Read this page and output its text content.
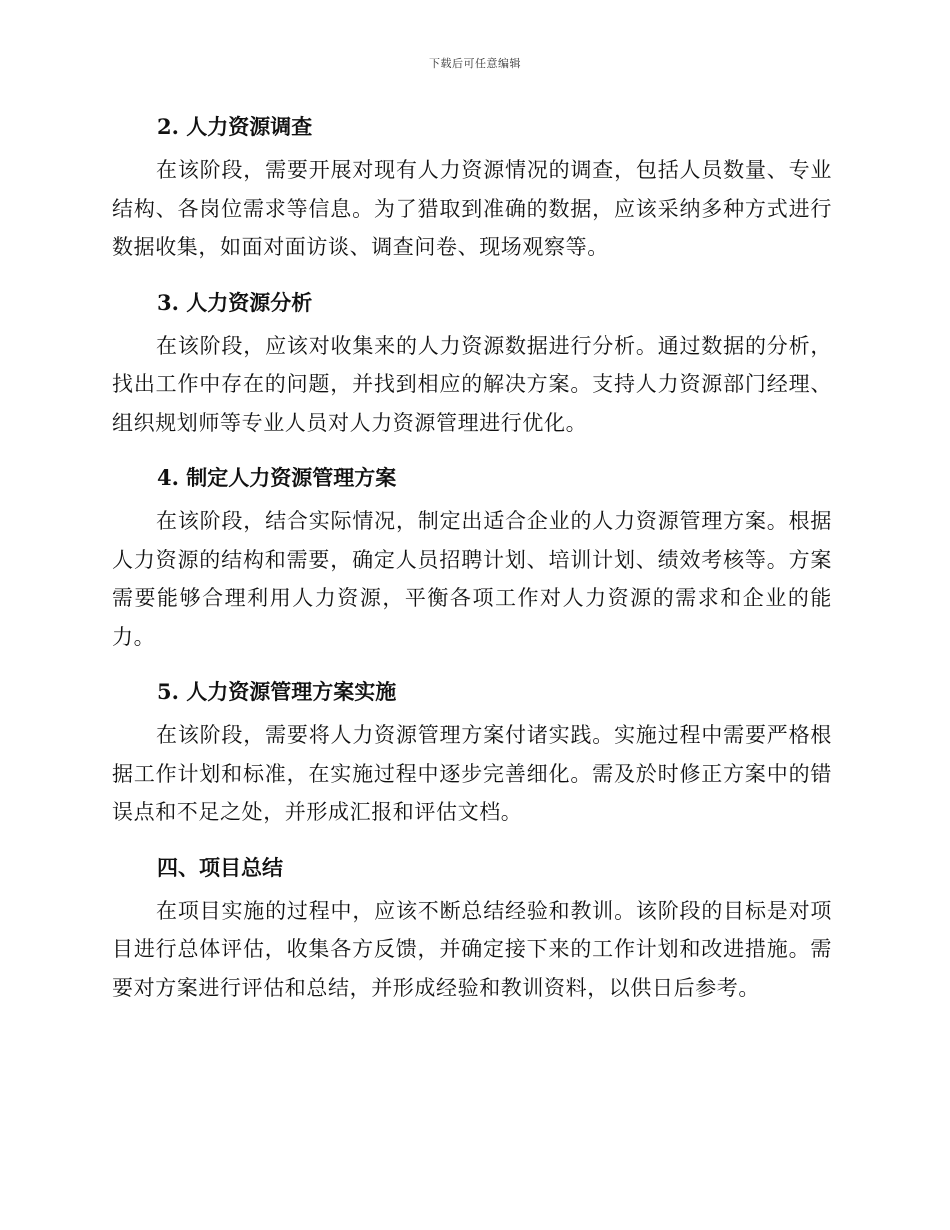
下载后可任意编辑
2. 人力资源调查

在该阶段，需要开展对现有人力资源情况的调查，包括人员数量、专业结构、各岗位需求等信息。为了猎取到准确的数据，应该采纳多种方式进行数据收集，如面对面访谈、调查问卷、现场观察等。

3. 人力资源分析

在该阶段，应该对收集来的人力资源数据进行分析。通过数据的分析，找出工作中存在的问题，并找到相应的解决方案。支持人力资源部门经理、组织规划师等专业人员对人力资源管理进行优化。

4. 制定人力资源管理方案

在该阶段，结合实际情况，制定出适合企业的人力资源管理方案。根据人力资源的结构和需要，确定人员招聘计划、培训计划、绩效考核等。方案需要能够合理利用人力资源，平衡各项工作对人力资源的需求和企业的能力。

5. 人力资源管理方案实施

在该阶段，需要将人力资源管理方案付诸实践。实施过程中需要严格根据工作计划和标准，在实施过程中逐步完善细化。需及於时修正方案中的错误点和不足之处，并形成汇报和评估文档。

四、项目总结

在项目实施的过程中，应该不断总结经验和教训。该阶段的目标是对项目进行总体评估，收集各方反馈，并确定接下来的工作计划和改进措施。需要对方案进行评估和总结，并形成经验和教训资料，以供日后参考。
